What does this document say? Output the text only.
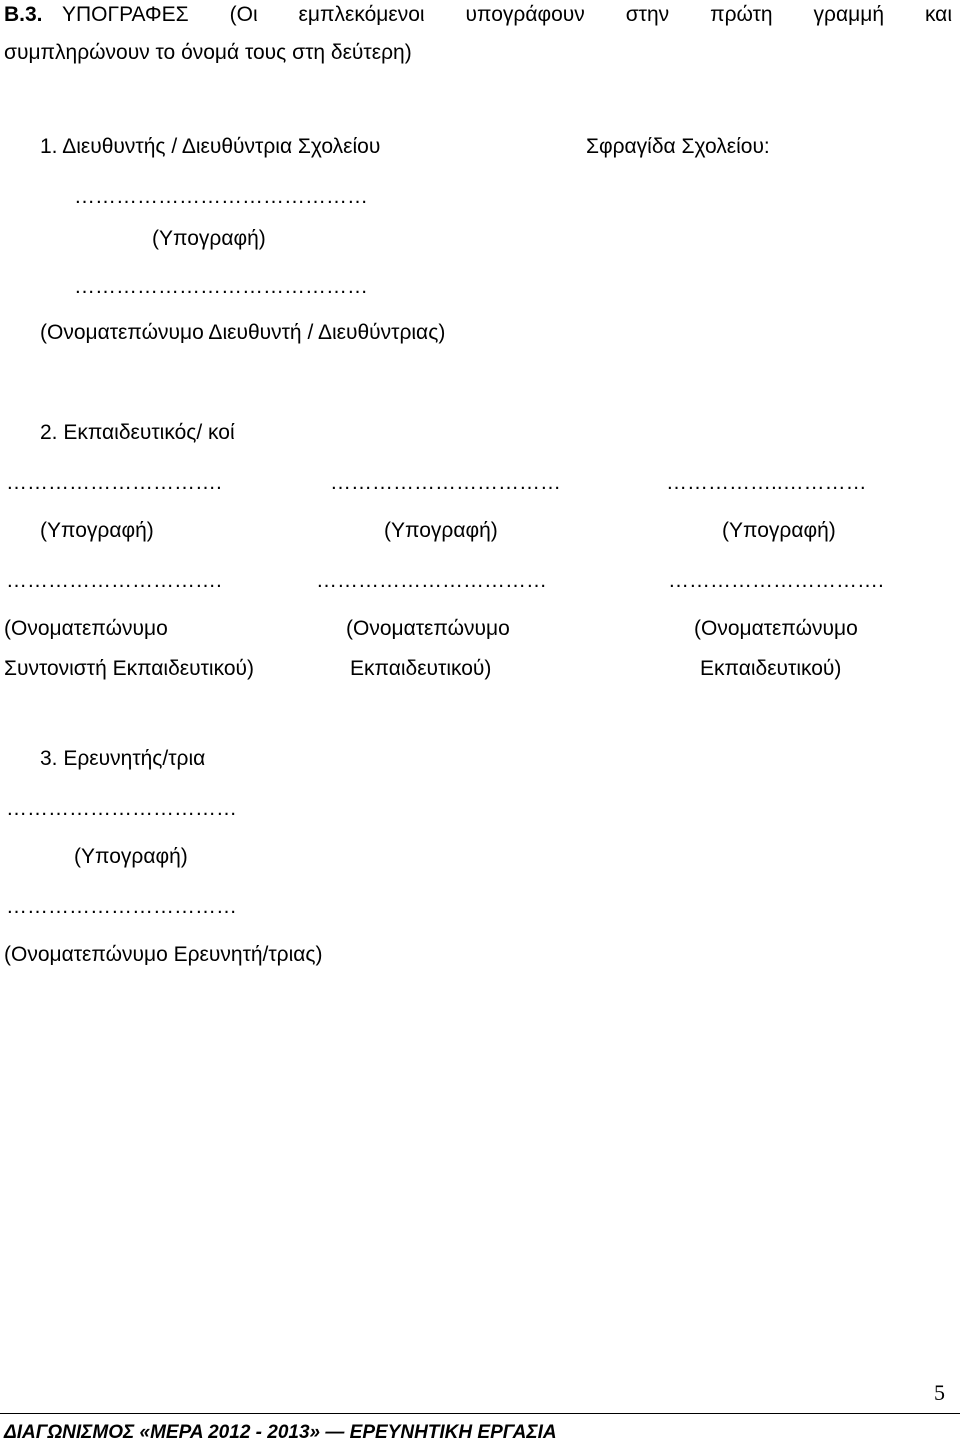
Β.3. ΥΠΟΓΡΑΦΕΣ (Οι εμπλεκόμενοι υπογράφουν στην πρώτη γραμμή και
συμπληρώνουν το όνομά τους στη δεύτερη)
1. Διευθυντής / Διευθύντρια Σχολείου	Σφραγίδα Σχολείου:
……………………………………
(Υπογραφή)
……………………………………
(Ονοματεπώνυμο Διευθυντή / Διευθύντριας)
2. Εκπαιδευτικός/ κοί
………………………….	……………………………	……………..…………
(Υπογραφή)	(Υπογραφή)	(Υπογραφή)
………………………….	……………………………	………………………….
(Ονοματεπώνυμο	(Ονοματεπώνυμο	(Ονοματεπώνυμο
Συντονιστή Εκπαιδευτικού)	Εκπαιδευτικού)	Εκπαιδευτικού)
3. Ερευνητής/τρια
……………………………
(Υπογραφή)
……………………………
(Ονοματεπώνυμο Ερευνητή/τριας)
5
ΔΙΑΓΩΝΙΣΜΟΣ «ΜΕΡΑ 2012 - 2013» — ΕΡΕΥΝΗΤΙΚΗ ΕΡΓΑΣΙΑ
